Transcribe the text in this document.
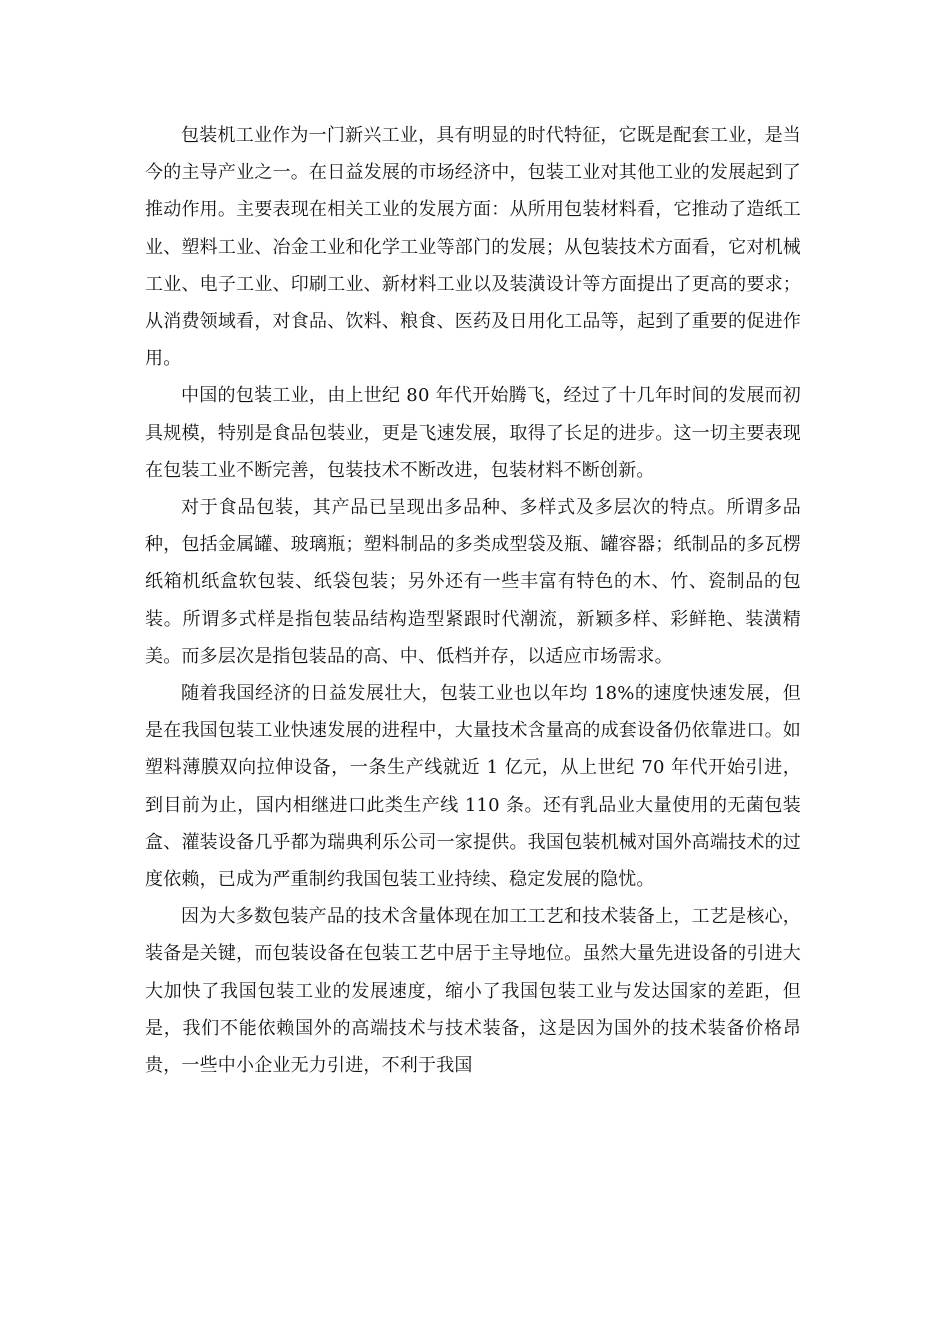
包装机工业作为一门新兴工业，具有明显的时代特征，它既是配套工业，是当今的主导产业之一。在日益发展的市场经济中，包装工业对其他工业的发展起到了推动作用。主要表现在相关工业的发展方面：从所用包装材料看，它推动了造纸工业、塑料工业、冶金工业和化学工业等部门的发展；从包装技术方面看，它对机械工业、电子工业、印刷工业、新材料工业以及装潢设计等方面提出了更高的要求；从消费领域看，对食品、饮料、粮食、医药及日用化工品等，起到了重要的促进作用。

中国的包装工业，由上世纪 80 年代开始腾飞，经过了十几年时间的发展而初具规模，特别是食品包装业，更是飞速发展，取得了长足的进步。这一切主要表现在包装工业不断完善，包装技术不断改进，包装材料不断创新。

对于食品包装，其产品已呈现出多品种、多样式及多层次的特点。所谓多品种，包括金属罐、玻璃瓶；塑料制品的多类成型袋及瓶、罐容器；纸制品的多瓦楞纸箱机纸盒软包装、纸袋包装；另外还有一些丰富有特色的木、竹、瓷制品的包装。所谓多式样是指包装品结构造型紧跟时代潮流，新颖多样、彩鲜艳、装潢精美。而多层次是指包装品的高、中、低档并存，以适应市场需求。

随着我国经济的日益发展壮大，包装工业也以年均 18%的速度快速发展，但是在我国包装工业快速发展的进程中，大量技术含量高的成套设备仍依靠进口。如塑料薄膜双向拉伸设备，一条生产线就近 1 亿元，从上世纪 70 年代开始引进，到目前为止，国内相继进口此类生产线 110 条。还有乳品业大量使用的无菌包装盒、灌装设备几乎都为瑞典利乐公司一家提供。我国包装机械对国外高端技术的过度依赖，已成为严重制约我国包装工业持续、稳定发展的隐忧。

因为大多数包装产品的技术含量体现在加工工艺和技术装备上，工艺是核心，装备是关键，而包装设备在包装工艺中居于主导地位。虽然大量先进设备的引进大大加快了我国包装工业的发展速度，缩小了我国包装工业与发达国家的差距，但是，我们不能依赖国外的高端技术与技术装备，这是因为国外的技术装备价格昂贵，一些中小企业无力引进，不利于我国
